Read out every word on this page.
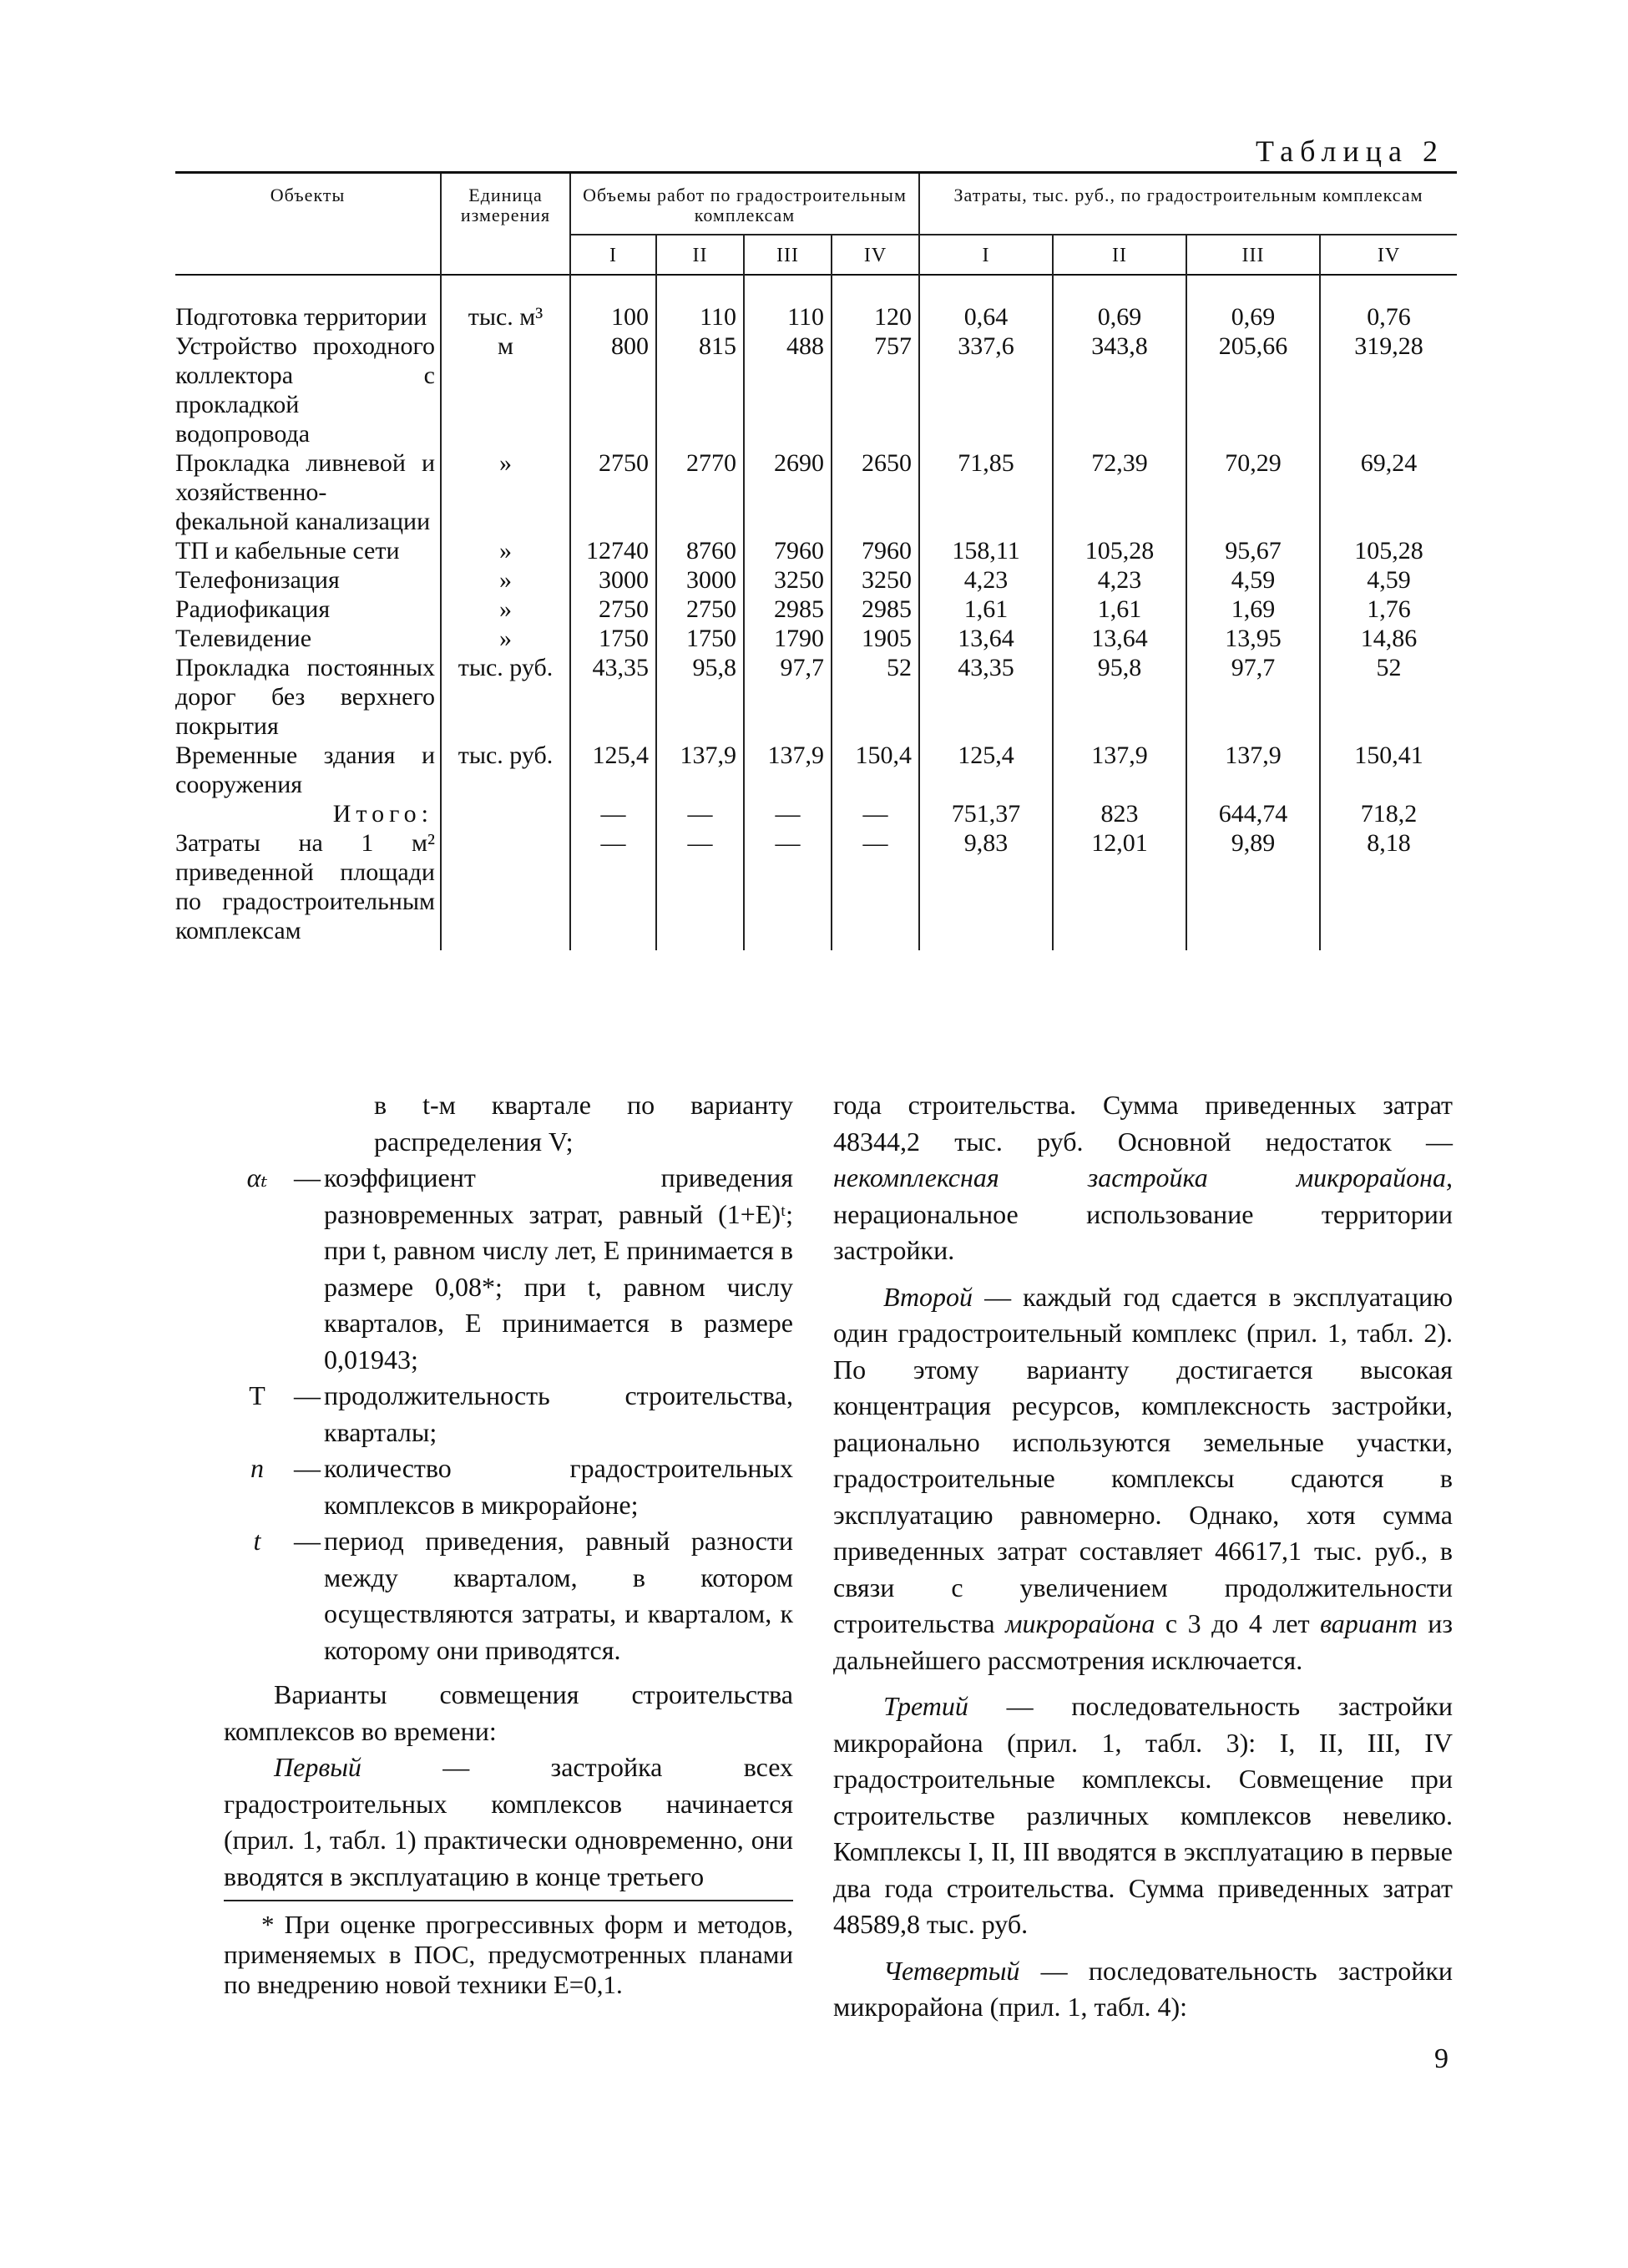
Таблица 2
Объекты	Единица измерения	Объемы работ по градостроительным комплексам				Затраты, тыс. руб., по градостроительным комплексам			
		I	II	III	IV	I	II	III	IV
Подготовка территории	тыс. м³	100	110	110	120	0,64	0,69	0,69	0,76
Устройство проходного коллектора с прокладкой водопровода	м	800	815	488	757	337,6	343,8	205,66	319,28
Прокладка ливневой и хозяйственно-фекальной канализации	»	2750	2770	2690	2650	71,85	72,39	70,29	69,24
ТП и кабельные сети	»	12740	8760	7960	7960	158,11	105,28	95,67	105,28
Телефонизация	»	3000	3000	3250	3250	4,23	4,23	4,59	4,59
Радиофикация	»	2750	2750	2985	2985	1,61	1,61	1,69	1,76
Телевидение	»	1750	1750	1790	1905	13,64	13,64	13,95	14,86
Прокладка постоянных дорог без верхнего покрытия	тыс. руб.	43,35	95,8	97,7	52	43,35	95,8	97,7	52
Временные здания и сооружения	тыс. руб.	125,4	137,9	137,9	150,4	125,4	137,9	137,9	150,41
Итого:		—	—	—	—	751,37	823	644,74	718,2
Затраты на 1 м² приведенной площади по градостроительным комплексам		—	—	—	—	9,83	12,01	9,89	8,18
в t-м квартале по варианту распределения V;
αₜ — коэффициент приведения разновременных затрат, равный (1+Е)ᵗ; при t, равном числу лет, Е принимается в размере 0,08*; при t, равном числу кварталов, Е принимается в размере 0,01943;
T	— продолжительность строительства, кварталы;
n	— количество градостроительных комплексов в микрорайоне;
t	— период приведения, равный разности между кварталом, в котором осуществляются затраты, и кварталом, к которому они приводятся.
Варианты совмещения строительства комплексов во времени:
Первый — застройка всех градостроительных комплексов начинается (прил. 1, табл. 1) практически одновременно, они вводятся в эксплуатацию в конце третьего
* При оценке прогрессивных форм и методов, применяемых в ПОС, предусмотренных планами по внедрению новой техники Е=0,1.
года строительства. Сумма приведенных затрат 48344,2 тыс. руб. Основной недостаток — некомплексная застройка микрорайона, нерациональное использование территории застройки.
Второй — каждый год сдается в эксплуатацию один градостроительный комплекс (прил. 1, табл. 2). По этому варианту достигается высокая концентрация ресурсов, комплексность застройки, рационально используются земельные участки, градостроительные комплексы сдаются в эксплуатацию равномерно. Однако, хотя сумма приведенных затрат составляет 46617,1 тыс. руб., в связи с увеличением продолжительности строительства микрорайона с 3 до 4 лет вариант из дальнейшего рассмотрения исключается.
Третий — последовательность застройки микрорайона (прил. 1, табл. 3): I, II, III, IV градостроительные комплексы. Совмещение при строительстве различных комплексов невелико. Комплексы I, II, III вводятся в эксплуатацию в первые два года строительства. Сумма приведенных затрат 48589,8 тыс. руб.
Четвертый — последовательность застройки микрорайона (прил. 1, табл. 4):
9
